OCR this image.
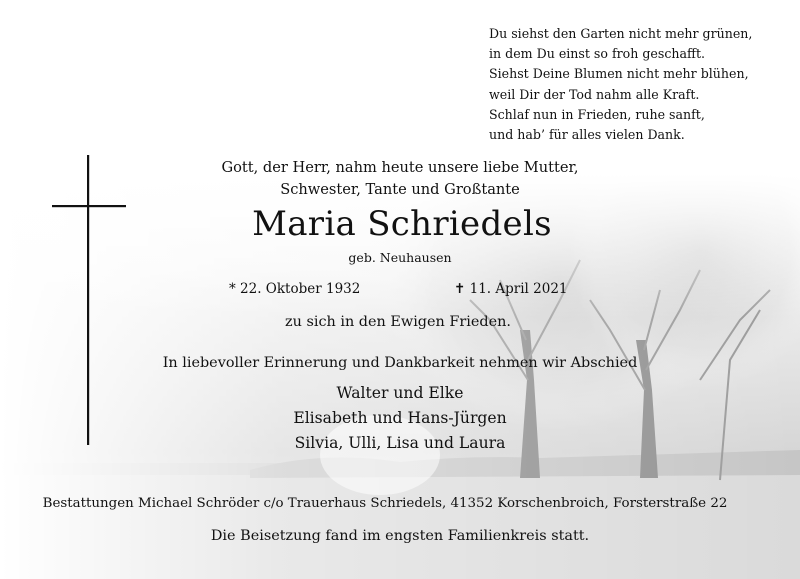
Du siehst den Garten nicht mehr grünen,
in dem Du einst so froh geschafft.
Siehst Deine Blumen nicht mehr blühen,
weil Dir der Tod nahm alle Kraft.
Schlaf nun in Frieden, ruhe sanft,
und hab’ für alles vielen Dank.
Gott, der Herr, nahm heute unsere liebe Mutter,
Schwester, Tante und Großtante
Maria Schriedels
geb. Neuhausen
* 22. Oktober 1932	✝ 11. April 2021
zu sich in den Ewigen Frieden.
In liebevoller Erinnerung und Dankbarkeit nehmen wir Abschied
Walter und Elke
Elisabeth und Hans-Jürgen
Silvia, Ulli, Lisa und Laura
Bestattungen Michael Schröder c/o Trauerhaus Schriedels, 41352 Korschenbroich, Forsterstraße 22
Die Beisetzung fand im engsten Familienkreis statt.
